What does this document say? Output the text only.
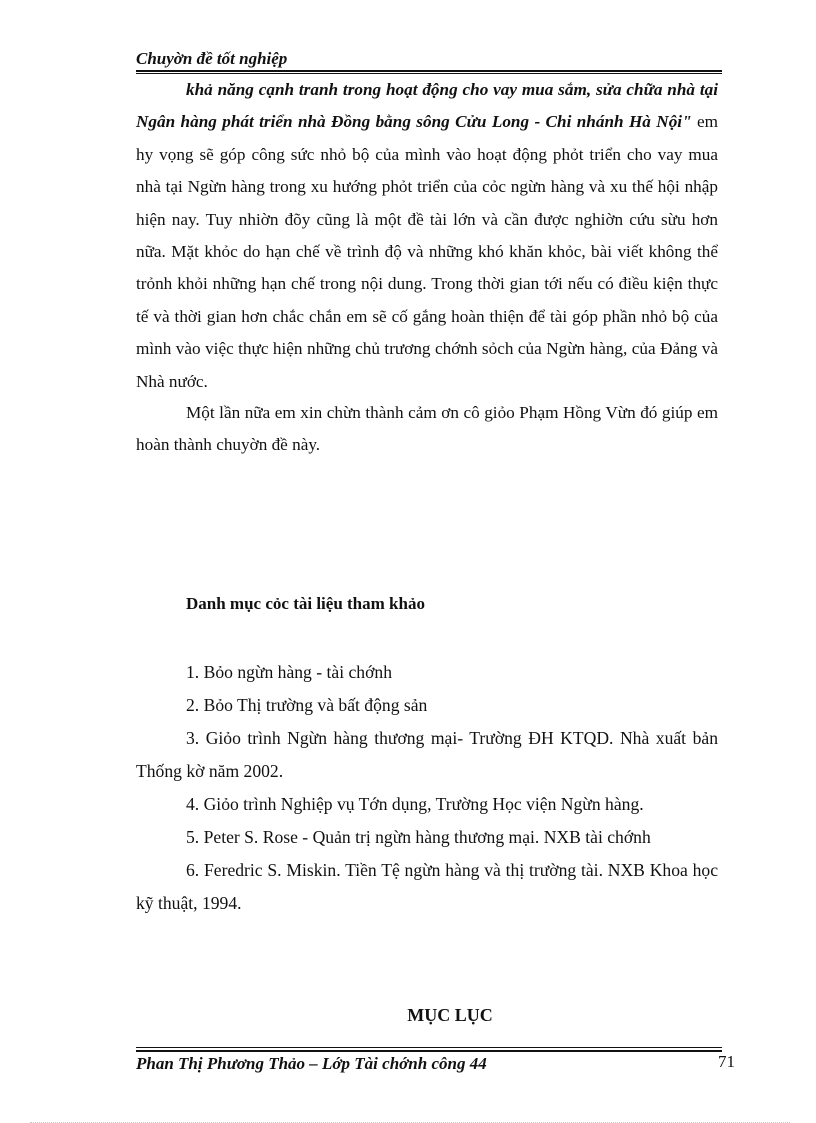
Chuyờn đề tốt nghiệp

khả năng cạnh tranh trong hoạt động cho vay mua sắm, sửa chữa nhà tại Ngân hàng phát triển nhà Đồng bằng sông Cửu Long - Chi nhánh Hà Nội" em hy vọng sẽ góp công sức nhỏ bộ của mình vào hoạt động phỏt triển cho vay mua nhà tại Ngừn hàng trong xu hướng phỏt triển của cỏc ngừn hàng và xu thế hội nhập hiện nay. Tuy nhiờn đõy cũng là một đề tài lớn và cần được nghiờn cứu sừu hơn nữa. Mặt khỏc do hạn chế về trình độ và những khó khăn khỏc, bài viết không thể trỏnh khỏi những hạn chế trong nội dung. Trong thời gian tới nếu có điều kiện thực tế và thời gian hơn chắc chắn em sẽ cố gắng hoàn thiện để tài góp phần nhỏ bộ của mình vào việc thực hiện những chủ trương chớnh sỏch của Ngừn hàng, của Đảng và Nhà nước.

Một lần nữa em xin chừn thành cảm ơn cô giỏo Phạm Hồng Vừn đó giúp em hoàn thành chuyờn đề này.

Danh mục cỏc tài liệu tham khảo

1. Bỏo ngừn hàng - tài chớnh

2. Bỏo Thị trường và bất động sản

3. Giỏo trình Ngừn hàng thương mại- Trường ĐH KTQD. Nhà xuất bản Thống kờ năm 2002.

4. Giỏo trình Nghiệp vụ Tớn dụng, Trường Học viện Ngừn hàng.

5. Peter S. Rose - Quản trị ngừn hàng thương mại. NXB tài chớnh

6. Feredric S. Miskin. Tiền Tệ ngừn hàng và thị trường tài. NXB Khoa học kỹ thuật, 1994.

MỤC LỤC
Phan Thị Phương Thảo – Lớp Tài chớnh công 44	71
